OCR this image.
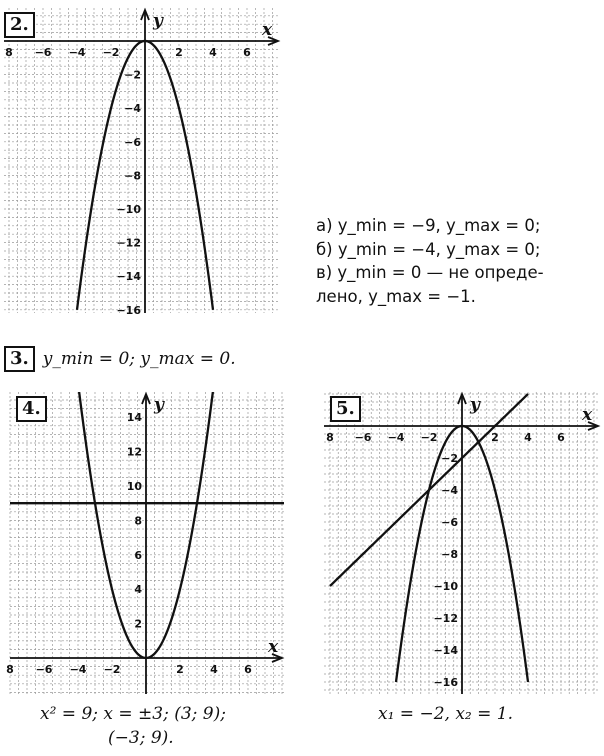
2.	x
y
8 −6 −4 −2	2 4 6
−2
−4
−6
−8
−10
−12
−14
−16
а) y_min = −9, y_max = 0;
б) y_min = −4, y_max = 0;
в) y_min = 0 — не опреде-
лено, y_max = −1.
3. y_min = 0; y_max = 0.
4.
x
y
8 −6 −4 −2	2 4 6
14
12
10
8
6
4
2
x² = 9; x = ±3; (3; 9);
(−3; 9).
5.	x
y
8 −6 −4 −2	2 4 6
−2
−4
−6
−8
−10
−12
−14
−16
x₁ = −2, x₂ = 1.
